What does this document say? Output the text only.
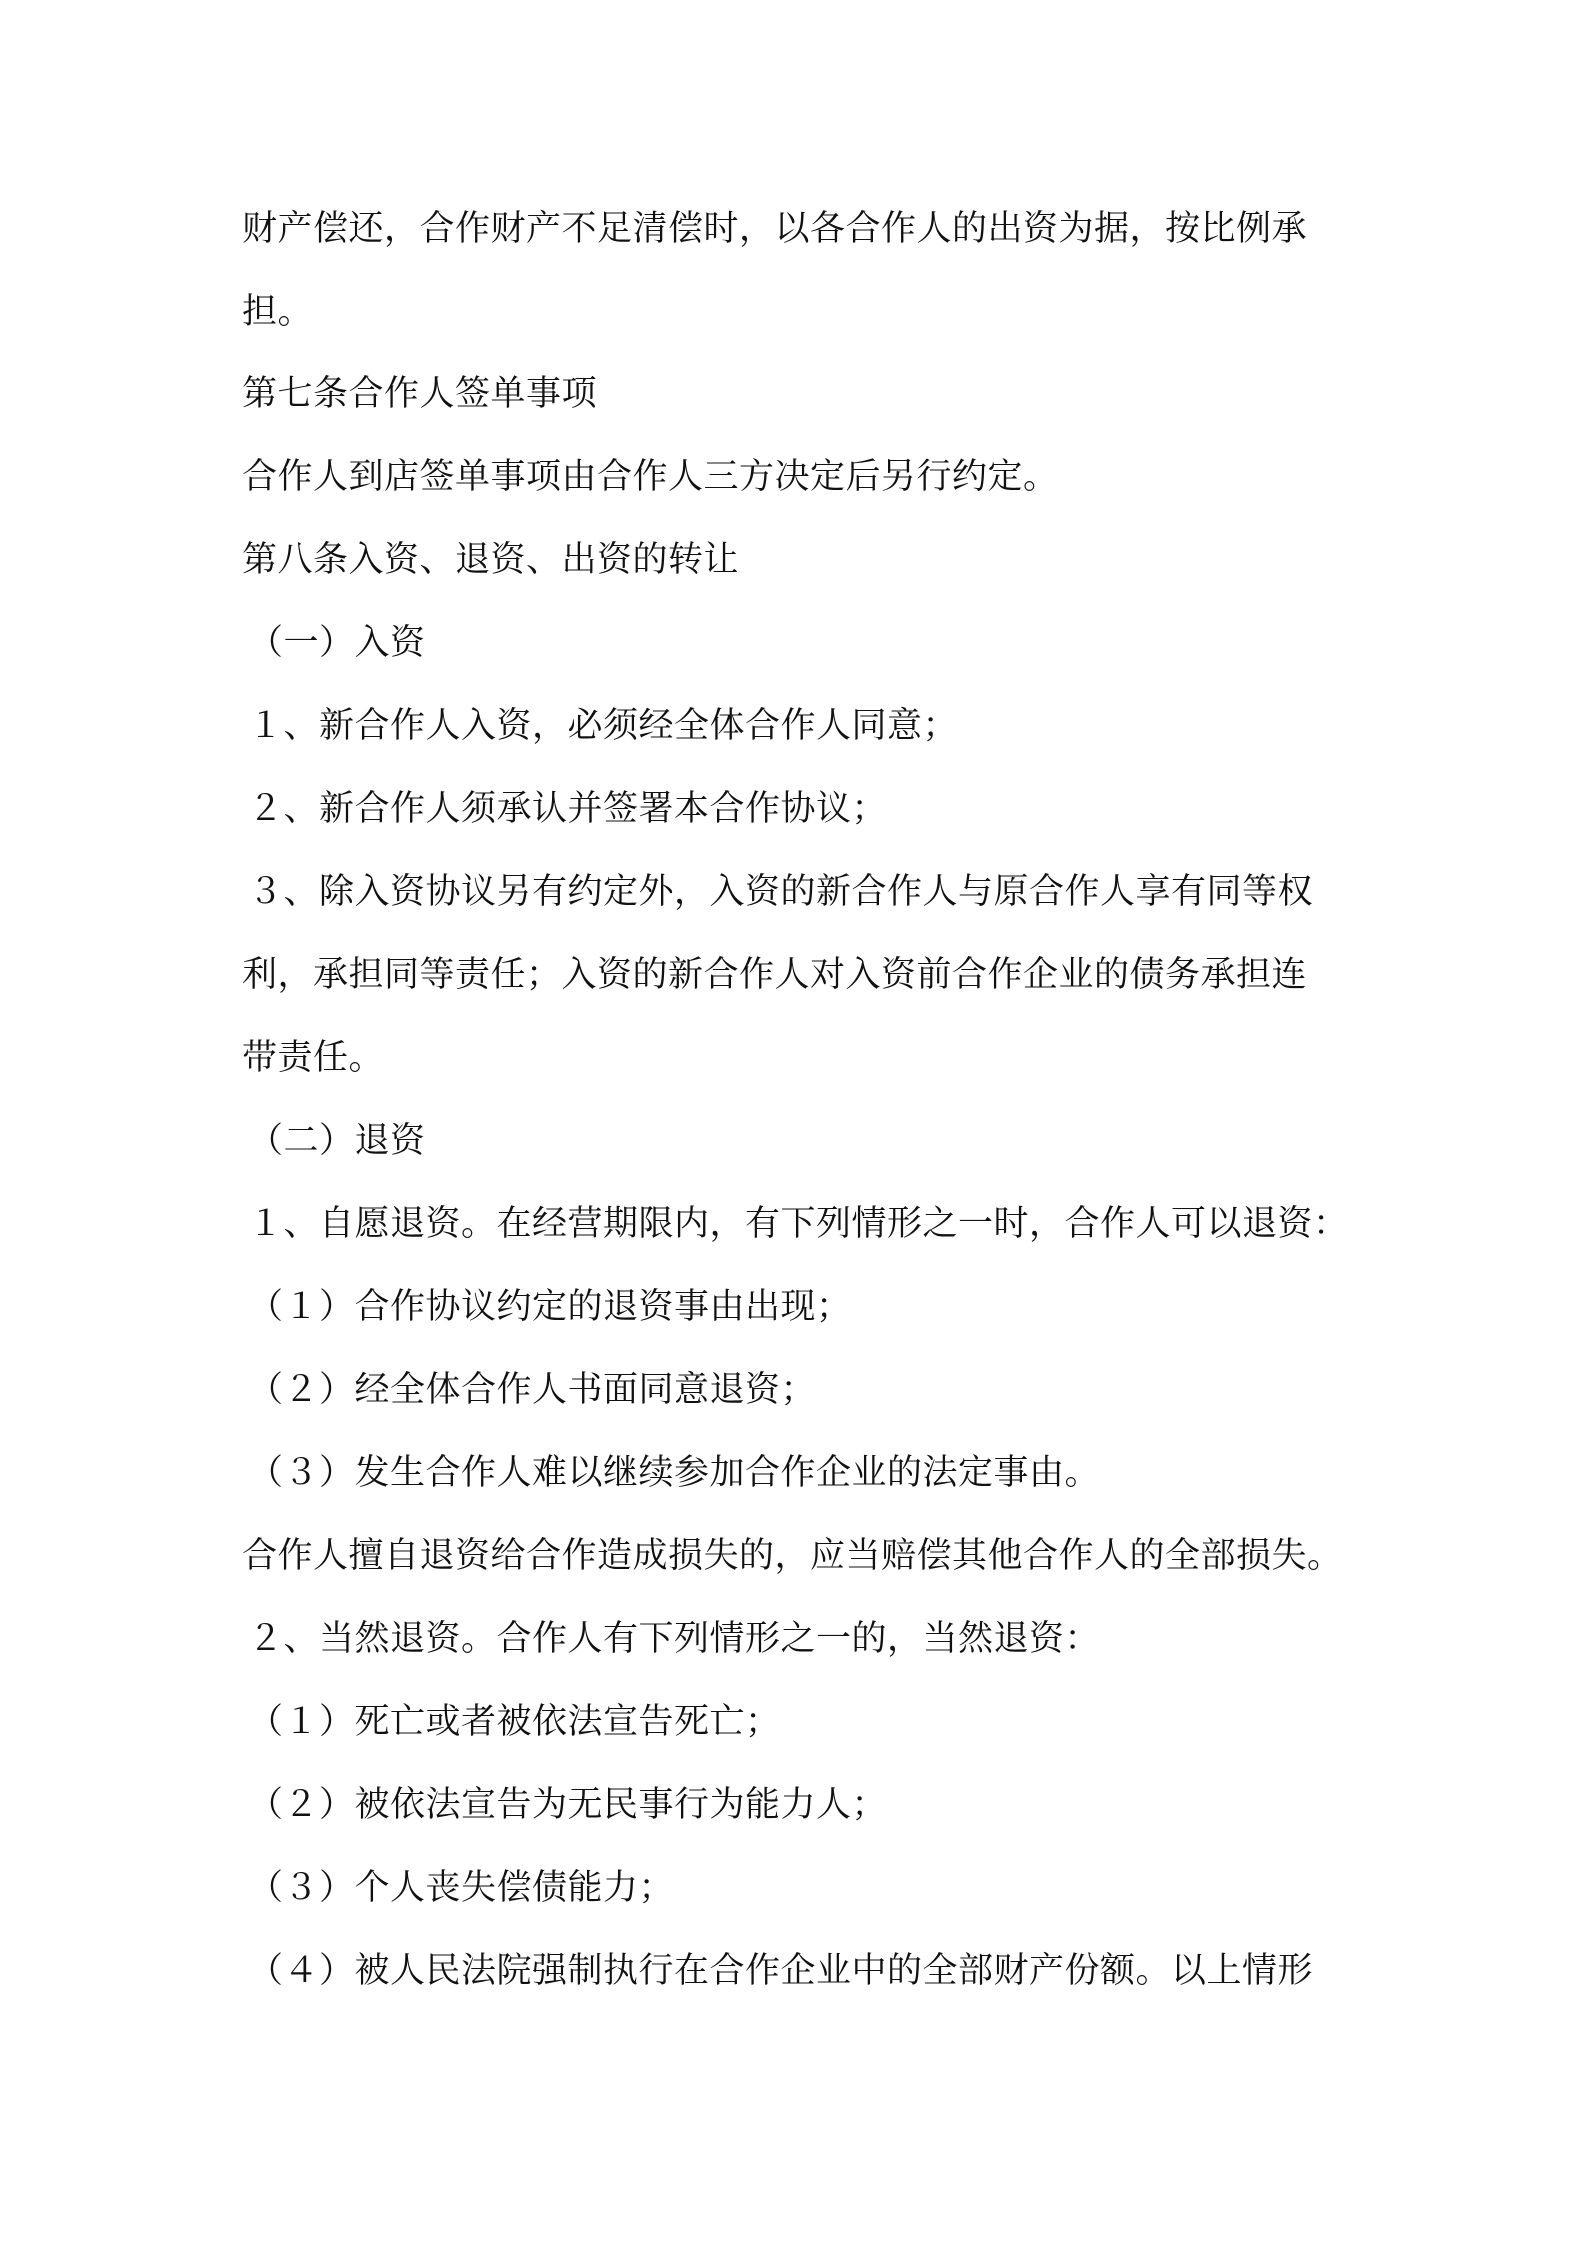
财产偿还，合作财产不足清偿时，以各合作人的出资为据，按比例承
担。
第七条合作人签单事项
合作人到店签单事项由合作人三方决定后另行约定。
第八条入资、退资、出资的转让
（一）入资
１、新合作人入资，必须经全体合作人同意；
２、新合作人须承认并签署本合作协议；
３、除入资协议另有约定外，入资的新合作人与原合作人享有同等权
利，承担同等责任；入资的新合作人对入资前合作企业的债务承担连
带责任。
（二）退资
１、自愿退资。在经营期限内，有下列情形之一时，合作人可以退资：
（１）合作协议约定的退资事由出现；
（２）经全体合作人书面同意退资；
（３）发生合作人难以继续参加合作企业的法定事由。
合作人擅自退资给合作造成损失的，应当赔偿其他合作人的全部损失。
２、当然退资。合作人有下列情形之一的，当然退资：
（１）死亡或者被依法宣告死亡；
（２）被依法宣告为无民事行为能力人；
（３）个人丧失偿债能力；
（４）被人民法院强制执行在合作企业中的全部财产份额。以上情形
